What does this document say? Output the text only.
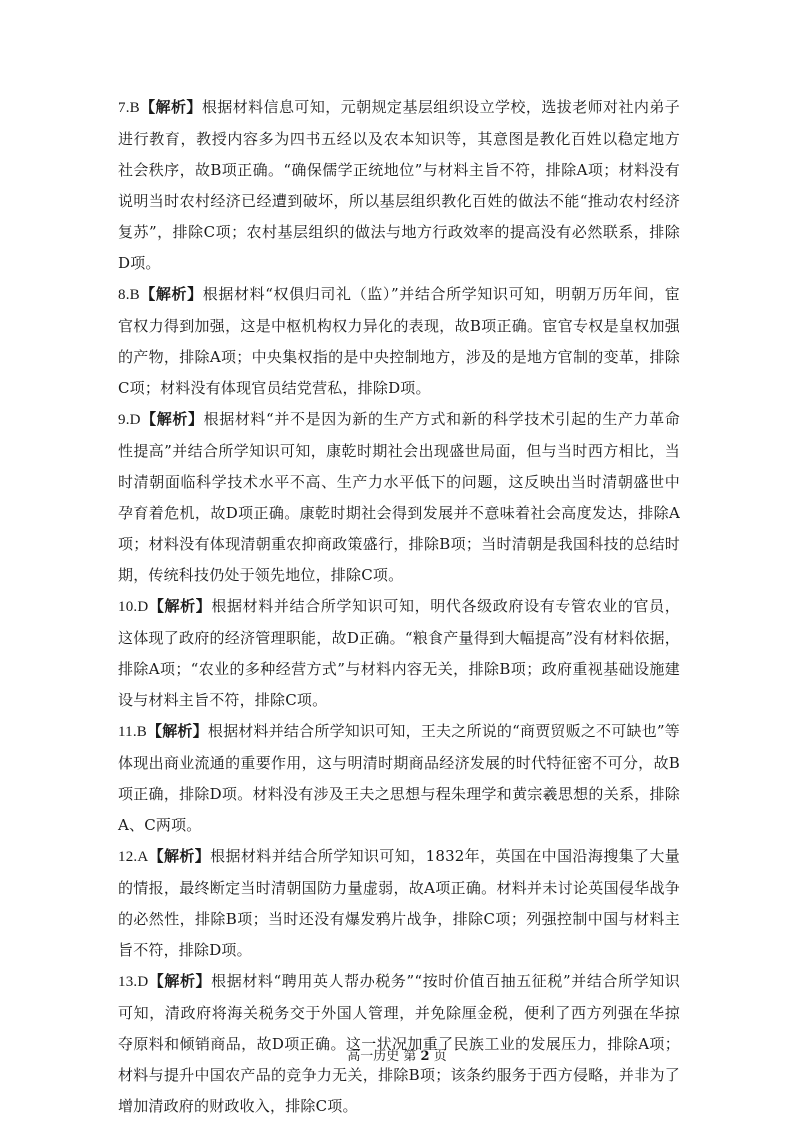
7.B【解析】根据材料信息可知，元朝规定基层组织设立学校，选拔老师对社内弟子进行教育，教授内容多为四书五经以及农本知识等，其意图是教化百姓以稳定地方社会秩序，故B项正确。“确保儒学正统地位”与材料主旨不符，排除A项；材料没有说明当时农村经济已经遭到破坏，所以基层组织教化百姓的做法不能“推动农村经济复苏”，排除C项；农村基层组织的做法与地方行政效率的提高没有必然联系，排除D项。

8.B【解析】根据材料“权俱归司礼（监）”并结合所学知识可知，明朝万历年间，宦官权力得到加强，这是中枢机构权力异化的表现，故B项正确。宦官专权是皇权加强的产物，排除A项；中央集权指的是中央控制地方，涉及的是地方官制的变革，排除C项；材料没有体现官员结党营私，排除D项。

9.D【解析】根据材料“并不是因为新的生产方式和新的科学技术引起的生产力革命性提高”并结合所学知识可知，康乾时期社会出现盛世局面，但与当时西方相比，当时清朝面临科学技术水平不高、生产力水平低下的问题，这反映出当时清朝盛世中孕育着危机，故D项正确。康乾时期社会得到发展并不意味着社会高度发达，排除A项；材料没有体现清朝重农抑商政策盛行，排除B项；当时清朝是我国科技的总结时期，传统科技仍处于领先地位，排除C项。

10.D【解析】根据材料并结合所学知识可知，明代各级政府设有专管农业的官员，这体现了政府的经济管理职能，故D正确。“粮食产量得到大幅提高”没有材料依据，排除A项；“农业的多种经营方式”与材料内容无关，排除B项；政府重视基础设施建设与材料主旨不符，排除C项。

11.B【解析】根据材料并结合所学知识可知，王夫之所说的“商贾贸贩之不可缺也”等体现出商业流通的重要作用，这与明清时期商品经济发展的时代特征密不可分，故B项正确，排除D项。材料没有涉及王夫之思想与程朱理学和黄宗羲思想的关系，排除A、C两项。

12.A【解析】根据材料并结合所学知识可知，1832年，英国在中国沿海搜集了大量的情报，最终断定当时清朝国防力量虚弱，故A项正确。材料并未讨论英国侵华战争的必然性，排除B项；当时还没有爆发鸦片战争，排除C项；列强控制中国与材料主旨不符，排除D项。

13.D【解析】根据材料“聘用英人帮办税务”“按时价值百抽五征税”并结合所学知识可知，清政府将海关税务交于外国人管理，并免除厘金税，便利了西方列强在华掠夺原料和倾销商品，故D项正确。这一状况加重了民族工业的发展压力，排除A项；材料与提升中国农产品的竞争力无关，排除B项；该条约服务于西方侵略，并非为了增加清政府的财政收入，排除C项。

高一历史 第 2 页
